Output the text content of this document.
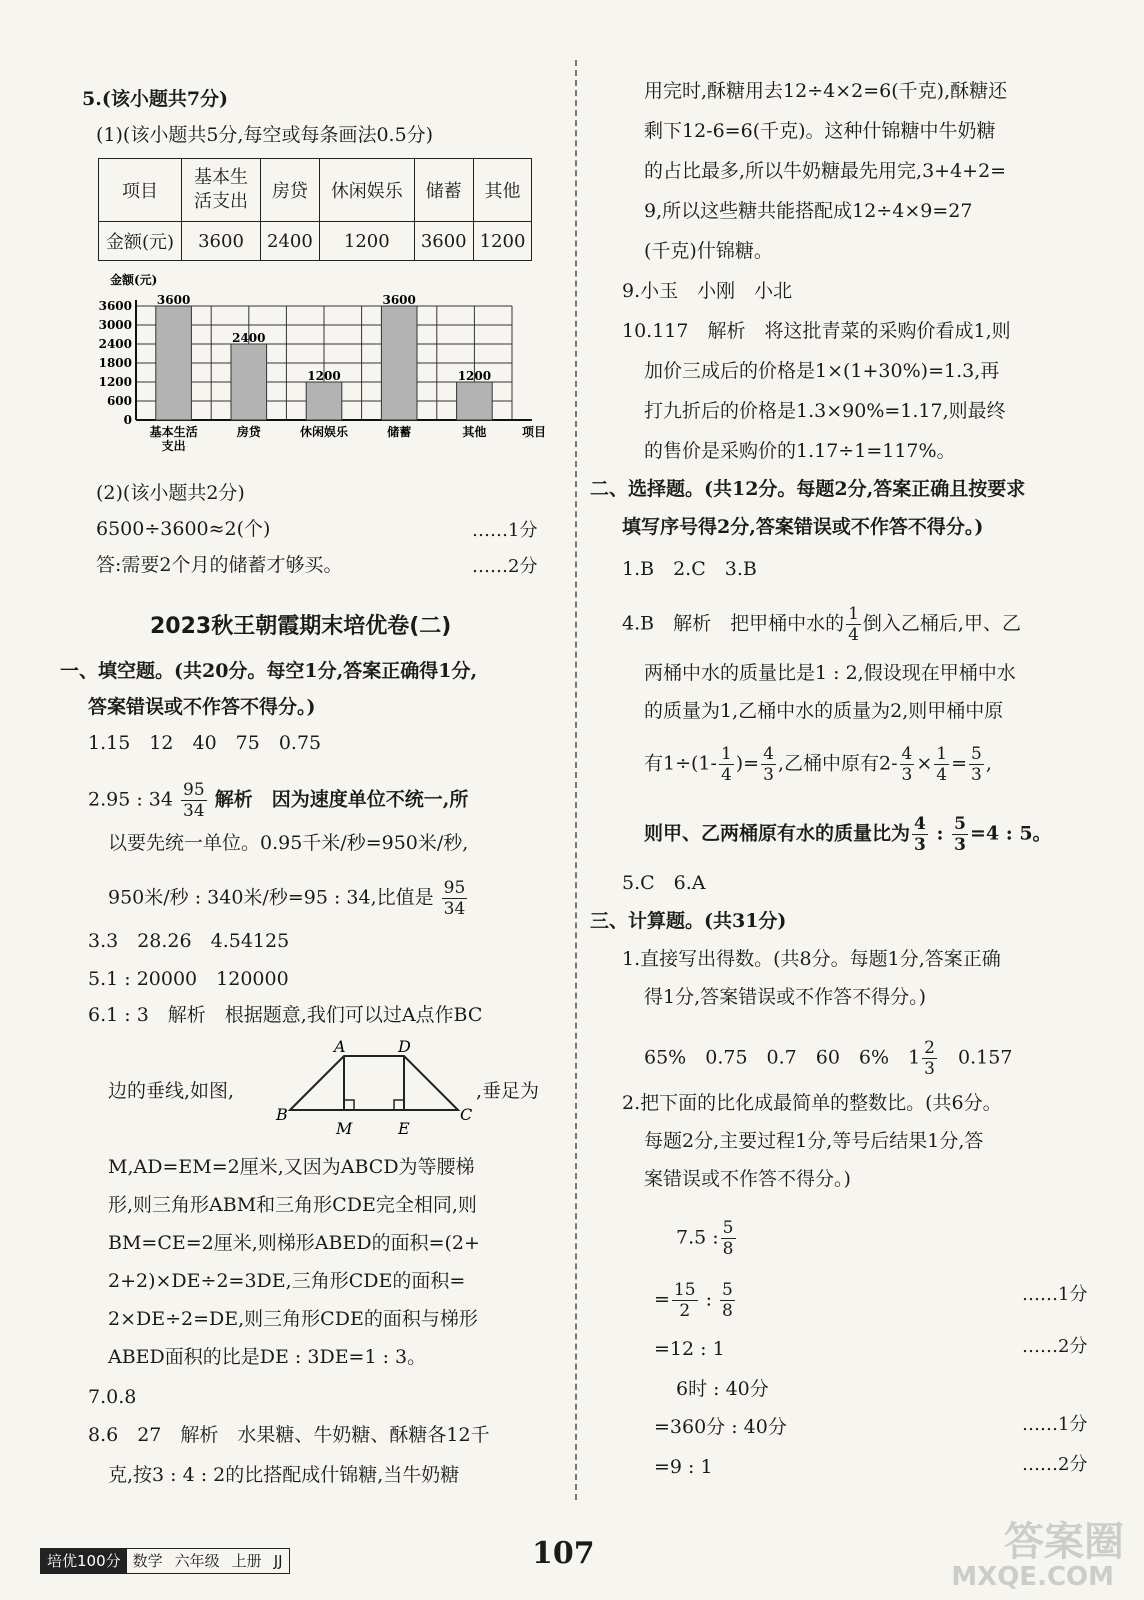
5.(该小题共7分)
(1)(该小题共5分,每空或每条画法0.5分)
项目	基本生活支出	房贷	休闲娱乐	储蓄	其他
金额(元)	3600	2400	1200	3600	1200
金额(元)
3600
3000
2400
1800
1200
600
0
3600
基本生活
支出
2400
房贷
1200
休闲娱乐
3600
储蓄
1200
其他	项目
(2)(该小题共2分)
6500÷3600≈2(个)	……1分
答:需要2个月的储蓄才够买。	……2分
2023秋王朝霞期末培优卷(二)
一、填空题。(共20分。每空1分,答案正确得1分,
答案错误或不作答不得分。)
1.15　12　40　75　0.75
2.95 : $34 \frac{95}{34}$ 解析　因为速度单位不统一,所
以要先统一单位。0.95千米/秒=950米/秒,
950米/秒 : 340米/秒=95 : 34,比值是 $\frac{95}{34}$
3.3　28.26　4.54125
5.1 : 20000　120000
6.1 : 3　解析　根据题意,我们可以过A点作BC
边的垂线,如图,
A	D
B	C
M	E
,垂足为
M,AD=EM=2厘米,又因为ABCD为等腰梯
形,则三角形ABM和三角形CDE完全相同,则
BM=CE=2厘米,则梯形ABED的面积=(2+
2+2)×DE÷2=3DE,三角形CDE的面积=
2×DE÷2=DE,则三角形CDE的面积与梯形
ABED面积的比是DE : 3DE=1 : 3。
7.0.8
8.6　27　解析　水果糖、牛奶糖、酥糖各12千
克,按3 : 4 : 2的比搭配成什锦糖,当牛奶糖
用完时,酥糖用去12÷4×2=6(千克),酥糖还
剩下12-6=6(千克)。这种什锦糖中牛奶糖
的占比最多,所以牛奶糖最先用完,3+4+2=
9,所以这些糖共能搭配成12÷4×9=27
(千克)什锦糖。
9.小玉　小刚　小北
10.117　解析　将这批青菜的采购价看成1,则
加价三成后的价格是1×(1+30%)=1.3,再
打九折后的价格是1.3×90%=1.17,则最终
的售价是采购价的1.17÷1=117%。
二、选择题。(共12分。每题2分,答案正确且按要求
填写序号得2分,答案错误或不作答不得分。)
1.B　2.C　3.B
4.B　解析　把甲桶中水的 $\frac{1}{4}$ 倒入乙桶后,甲、乙
两桶中水的质量比是1 : 2,假设现在甲桶中水
的质量为1,乙桶中水的质量为2,则甲桶中原
有$1\div(1- \frac{1}{4}$ )= $\frac{4}{3}$ ,乙桶中原有$2- \frac{4}{3} \times \frac{1}{4} = \frac{5}{3}$ ,
则甲、乙两桶原有水的质量比为 $\frac{4}{3}$ : $\frac{5}{3} =4$ : 5。
5.C　6.A
三、计算题。(共31分)
1.直接写出得数。(共8分。每题1分,答案正确
得1分,答案错误或不作答不得分。)
65%　0.75　0.7　60　6%　$1 \frac{2}{3}$
　 0.157
2.把下面的比化成最简单的整数比。(共6分。
每题2分,主要过程1分,等号后结果1分,答
案错误或不作答不得分。)
7.5 : $\frac{5}{8}$
= $\frac{15}{2}$ : $\frac{5}{8}$	……1分
=12 : 1	……2分
6时 : 40分
=360分 : 40分	……1分
=9 : 1	……2分
培优100分 数学 六年级 上册 JJ	107	答案圈
MXQE.COM
